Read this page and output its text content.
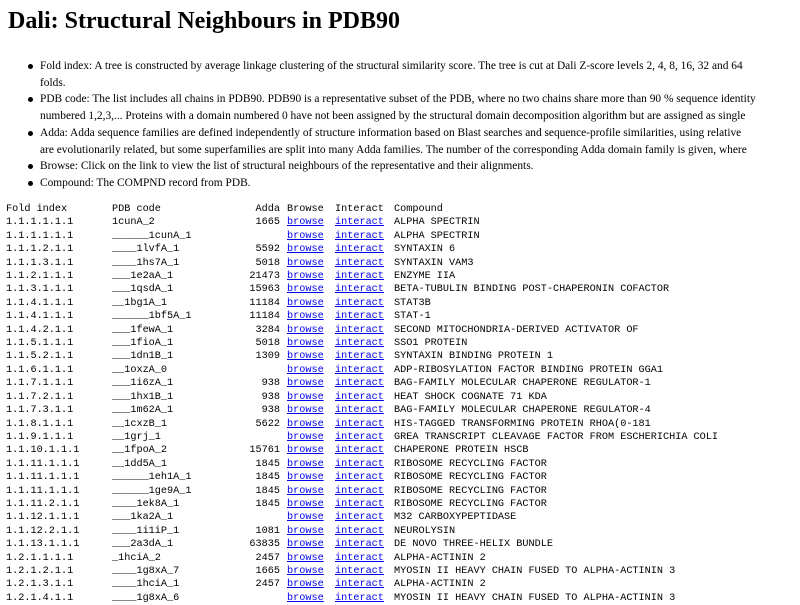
Dali: Structural Neighbours in PDB90
Fold index: A tree is constructed by average linkage clustering of the structural similarity score. The tree is cut at Dali Z-score levels 2, 4, 8, 16, 32 and 64
folds.
PDB code: The list includes all chains in PDB90. PDB90 is a representative subset of the PDB, where no two chains share more than 90 % sequence identity
numbered 1,2,3,... Proteins with a domain numbered 0 have not been assigned by the structural domain decomposition algorithm but are assigned as single
Adda: Adda sequence families are defined independently of structure information based on Blast searches and sequence-profile similarities, using relative
are evolutionarily related, but some superfamilies are split into many Adda families. The number of the corresponding Adda domain family is given, where
Browse: Click on the link to view the list of structural neighbours of the representative and their alignments.
Compound: The COMPND record from PDB.
Fold index	PDB code	Adda	Browse	Interact	Compound
1.1.1.1.1.1	1cunA_2	1665	browse	interact	ALPHA SPECTRIN
1.1.1.1.1.1	______1cunA_1		browse	interact	ALPHA SPECTRIN
1.1.1.2.1.1	____1lvfA_1	5592	browse	interact	SYNTAXIN 6
1.1.1.3.1.1	____1hs7A_1	5018	browse	interact	SYNTAXIN VAM3
1.1.2.1.1.1	___1e2aA_1	21473	browse	interact	ENZYME IIA
1.1.3.1.1.1	___1qsdA_1	15963	browse	interact	BETA-TUBULIN BINDING POST-CHAPERONIN COFACTOR
1.1.4.1.1.1	__1bg1A_1	11184	browse	interact	STAT3B
1.1.4.1.1.1	______1bf5A_1	11184	browse	interact	STAT-1
1.1.4.2.1.1	___1fewA_1	3284	browse	interact	SECOND MITOCHONDRIA-DERIVED ACTIVATOR OF
1.1.5.1.1.1	___1fioA_1	5018	browse	interact	SSO1 PROTEIN
1.1.5.2.1.1	___1dn1B_1	1309	browse	interact	SYNTAXIN BINDING PROTEIN 1
1.1.6.1.1.1	__1oxzA_0		browse	interact	ADP-RIBOSYLATION FACTOR BINDING PROTEIN GGA1
1.1.7.1.1.1	___1i6zA_1	938	browse	interact	BAG-FAMILY MOLECULAR CHAPERONE REGULATOR-1
1.1.7.2.1.1	___1hx1B_1	938	browse	interact	HEAT SHOCK COGNATE 71 KDA
1.1.7.3.1.1	___1m62A_1	938	browse	interact	BAG-FAMILY MOLECULAR CHAPERONE REGULATOR-4
1.1.8.1.1.1	__1cxzB_1	5622	browse	interact	HIS-TAGGED TRANSFORMING PROTEIN RHOA(0-181
1.1.9.1.1.1	__1grj_1		browse	interact	GREA TRANSCRIPT CLEAVAGE FACTOR FROM ESCHERICHIA COLI
1.1.10.1.1.1	__1fpoA_2	15761	browse	interact	CHAPERONE PROTEIN HSCB
1.1.11.1.1.1	__1dd5A_1	1845	browse	interact	RIBOSOME RECYCLING FACTOR
1.1.11.1.1.1	______1eh1A_1	1845	browse	interact	RIBOSOME RECYCLING FACTOR
1.1.11.1.1.1	______1ge9A_1	1845	browse	interact	RIBOSOME RECYCLING FACTOR
1.1.11.2.1.1	____1ek8A_1	1845	browse	interact	RIBOSOME RECYCLING FACTOR
1.1.12.1.1.1	___1ka2A_1		browse	interact	M32 CARBOXYPEPTIDASE
1.1.12.2.1.1	____1i1iP_1	1081	browse	interact	NEUROLYSIN
1.1.13.1.1.1	___2a3dA_1	63835	browse	interact	DE NOVO THREE-HELIX BUNDLE
1.2.1.1.1.1	_1hciA_2	2457	browse	interact	ALPHA-ACTININ 2
1.2.1.2.1.1	____1g8xA_7	1665	browse	interact	MYOSIN II HEAVY CHAIN FUSED TO ALPHA-ACTININ 3
1.2.1.3.1.1	____1hciA_1	2457	browse	interact	ALPHA-ACTININ 2
1.2.1.4.1.1	____1g8xA_6		browse	interact	MYOSIN II HEAVY CHAIN FUSED TO ALPHA-ACTININ 3
